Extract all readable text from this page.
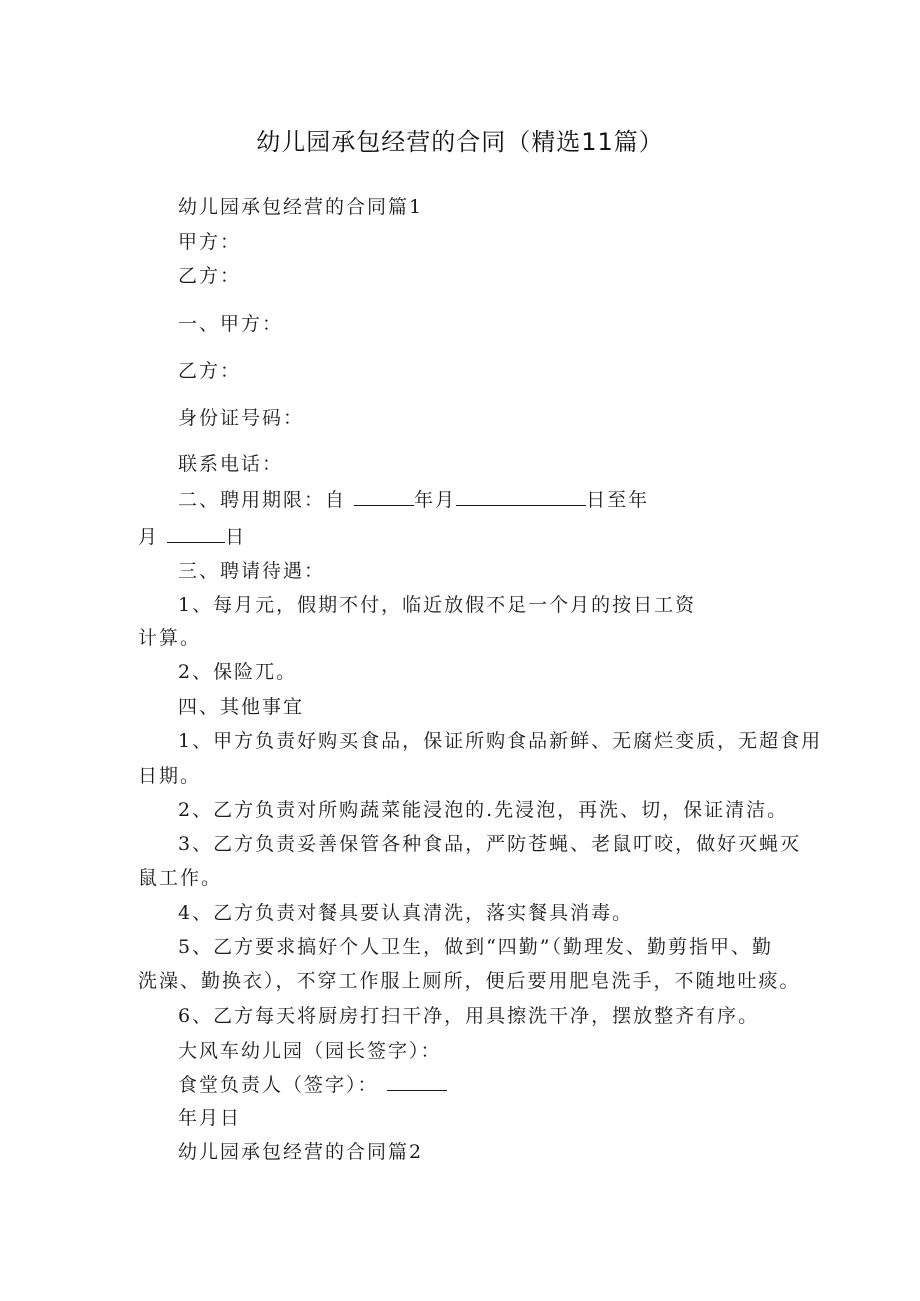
幼儿园承包经营的合同（精选11篇）
幼儿园承包经营的合同篇1
甲方：
乙方：
一、甲方：
乙方：
身份证号码：
联系电话：
二、聘用期限：自	年月	日至年
月	日
三、聘请待遇：
1、每月元，假期不付，临近放假不足一个月的按日工资
计算。
2、保险兀。
四、其他事宜
1、甲方负责好购买食品，保证所购食品新鲜、无腐烂变质，无超食用
日期。
2、乙方负责对所购蔬菜能浸泡的.先浸泡，再洗、切，保证清洁。
3、乙方负责妥善保管各种食品，严防苍蝇、老鼠叮咬，做好灭蝇灭
鼠工作。
4、乙方负责对餐具要认真清洗，落实餐具消毒。
5、乙方要求搞好个人卫生，做到“四勤”（勤理发、勤剪指甲、勤
洗澡、勤换衣），不穿工作服上厕所，便后要用肥皂洗手，不随地吐痰。
6、乙方每天将厨房打扫干净，用具擦洗干净，摆放整齐有序。
大风车幼儿园（园长签字）：
食堂负责人（签字）：
年月日
幼儿园承包经营的合同篇2
